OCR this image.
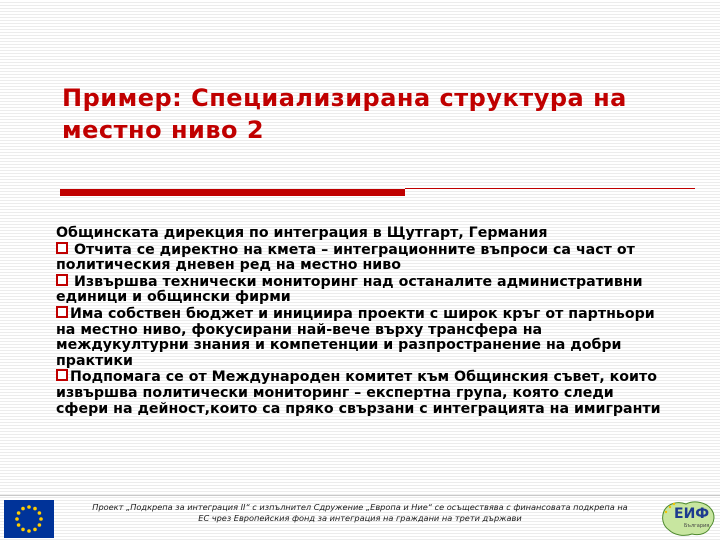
Пример: Специализирана структура на местно ниво 2

Общинската дирекция по интеграция в Щутгарт, Германия

Отчита се директно на кмета – интеграционните въпроси са част от политическия дневен ред на местно ниво

Извършва технически мониторинг над останалите административни единици и общински фирми

Има собствен бюджет и инициира проекти с широк кръг от партньори на местно ниво, фокусирани най-вече върху трансфера на междукултурни знания и компетенции и разпространение на добри практики

Подпомага се от Международен комитет към Общинския съвет, които извършва политически мониторинг – експертна група, която следи сфери на дейност,които са пряко свързани с интеграцията на имигранти

Проект „Подкрепа за интеграция II“ с изпълнител Сдружение „Европа и Ние“ се осъществява с финансовата подкрепа на

ЕС чрез Европейския фонд за интеграция на граждани на трети държави	ЕИФ
България
